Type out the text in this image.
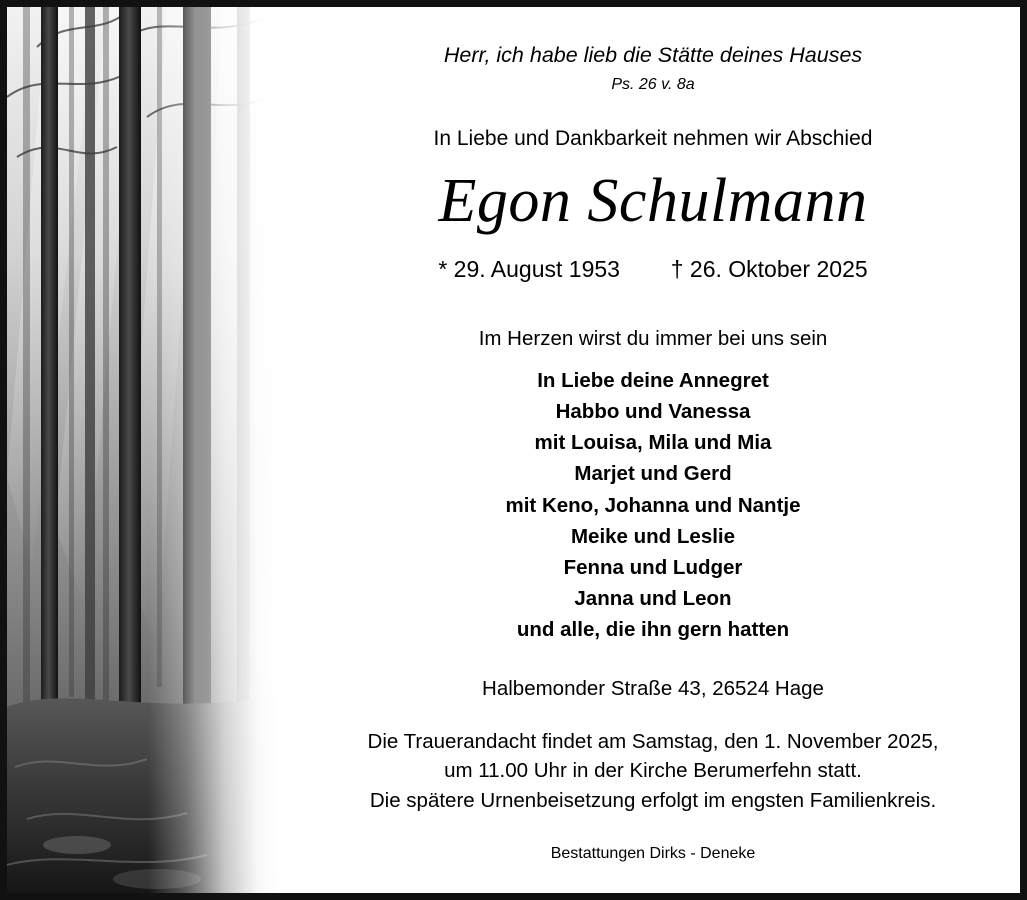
Herr, ich habe lieb die Stätte deines Hauses
Ps. 26 v. 8a
In Liebe und Dankbarkeit nehmen wir Abschied
Egon Schulmann
* 29. August 1953 † 26. Oktober 2025
Im Herzen wirst du immer bei uns sein
In Liebe deine Annegret
Habbo und Vanessa
mit Louisa, Mila und Mia
Marjet und Gerd
mit Keno, Johanna und Nantje
Meike und Leslie
Fenna und Ludger
Janna und Leon
und alle, die ihn gern hatten
Halbemonder Straße 43, 26524 Hage
Die Trauerandacht findet am Samstag, den 1. November 2025,
um 11.00 Uhr in der Kirche Berumerfehn statt.
Die spätere Urnenbeisetzung erfolgt im engsten Familienkreis.
Bestattungen Dirks - Deneke
